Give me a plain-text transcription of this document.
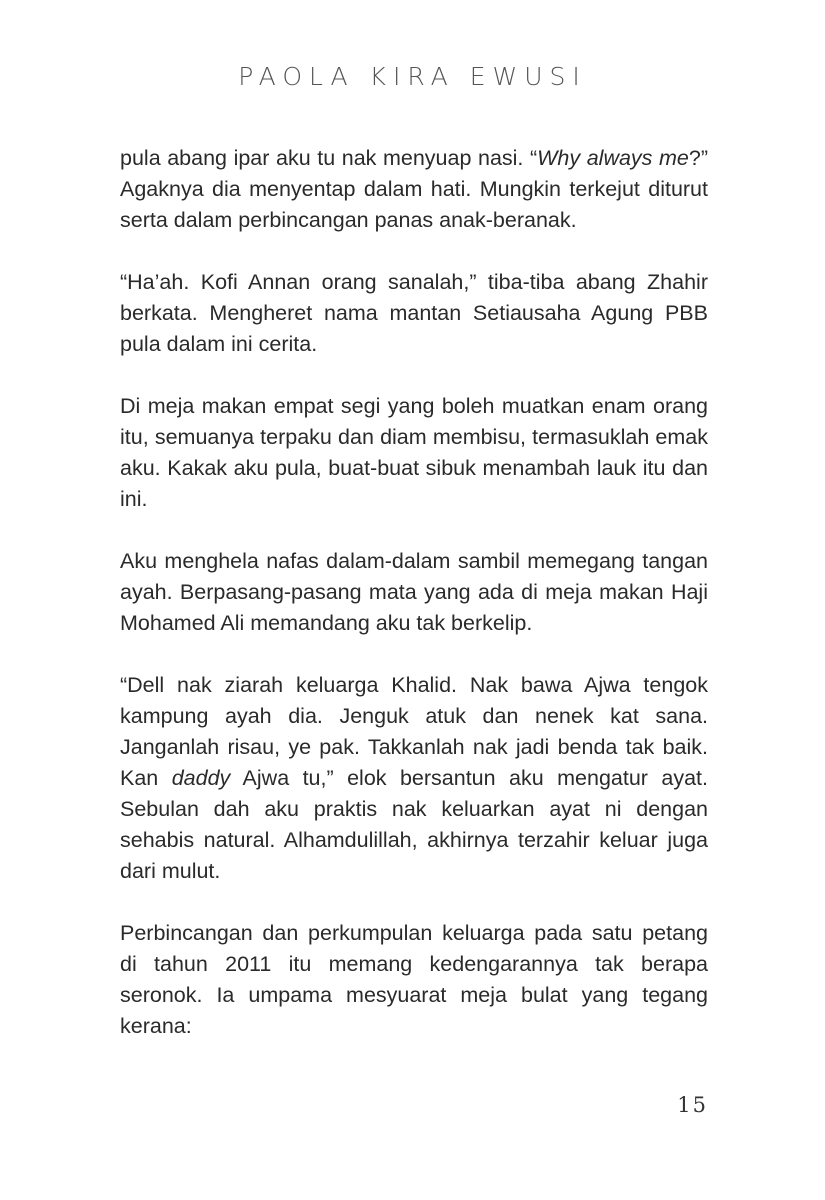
PAOLA KIRA EWUSI

pula abang ipar aku tu nak menyuap nasi. “Why always me?” Agaknya dia menyentap dalam hati. Mungkin terkejut diturut serta dalam perbincangan panas anak-beranak.

“Ha’ah. Kofi Annan orang sanalah,” tiba-tiba abang Zhahir berkata. Mengheret nama mantan Setiausaha Agung PBB pula dalam ini cerita.

Di meja makan empat segi yang boleh muatkan enam orang itu, semuanya terpaku dan diam membisu, termasuklah emak aku. Kakak aku pula, buat-buat sibuk menambah lauk itu dan ini.

Aku menghela nafas dalam-dalam sambil memegang tangan ayah. Berpasang-pasang mata yang ada di meja makan Haji Mohamed Ali memandang aku tak berkelip.

“Dell nak ziarah keluarga Khalid. Nak bawa Ajwa tengok kampung ayah dia. Jenguk atuk dan nenek kat sana. Janganlah risau, ye pak. Takkanlah nak jadi benda tak baik. Kan daddy Ajwa tu,” elok bersantun aku mengatur ayat. Sebulan dah aku praktis nak keluarkan ayat ni dengan sehabis natural. Alhamdulillah, akhirnya terzahir keluar juga dari mulut.

Perbincangan dan perkumpulan keluarga pada satu petang di tahun 2011 itu memang kedengarannya tak berapa seronok. Ia umpama mesyuarat meja bulat yang tegang kerana:

15
